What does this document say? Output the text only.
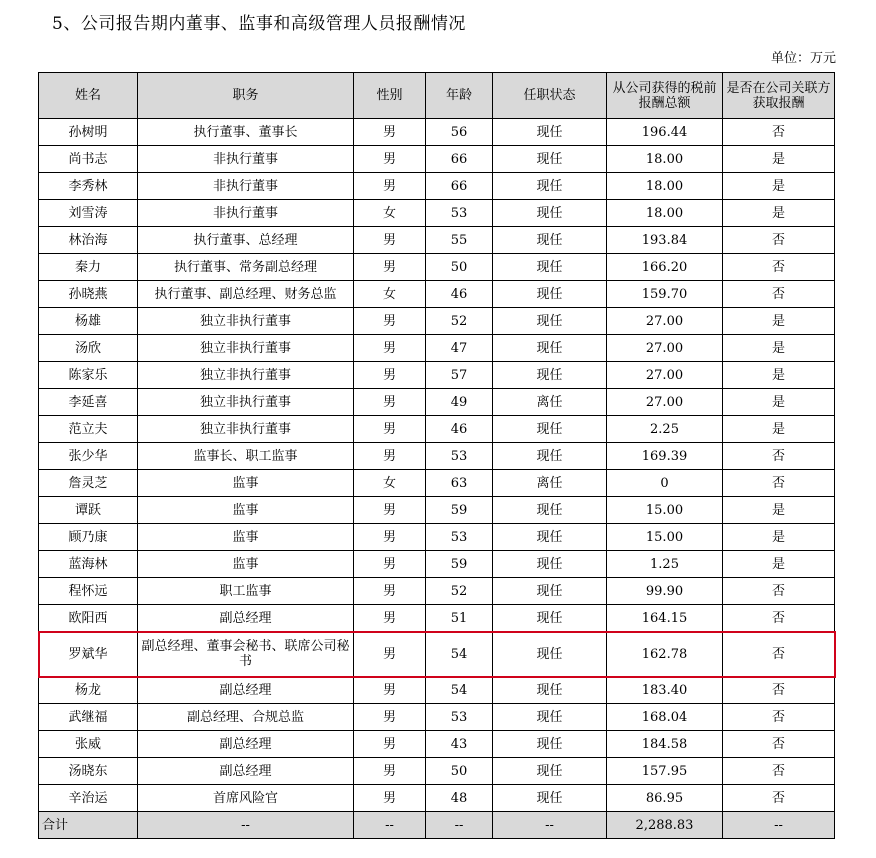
5、公司报告期内董事、监事和高级管理人员报酬情况
单位：万元
姓名	职务	性别	年龄	任职状态	从公司获得的税前报酬总额	是否在公司关联方获取报酬
孙树明	执行董事、董事长	男	56	现任	196.44	否
尚书志	非执行董事	男	66	现任	18.00	是
李秀林	非执行董事	男	66	现任	18.00	是
刘雪涛	非执行董事	女	53	现任	18.00	是
林治海	执行董事、总经理	男	55	现任	193.84	否
秦力	执行董事、常务副总经理	男	50	现任	166.20	否
孙晓燕	执行董事、副总经理、财务总监	女	46	现任	159.70	否
杨雄	独立非执行董事	男	52	现任	27.00	是
汤欣	独立非执行董事	男	47	现任	27.00	是
陈家乐	独立非执行董事	男	57	现任	27.00	是
李延喜	独立非执行董事	男	49	离任	27.00	是
范立夫	独立非执行董事	男	46	现任	2.25	是
张少华	监事长、职工监事	男	53	现任	169.39	否
詹灵芝	监事	女	63	离任	0	否
谭跃	监事	男	59	现任	15.00	是
顾乃康	监事	男	53	现任	15.00	是
蓝海林	监事	男	59	现任	1.25	是
程怀远	职工监事	男	52	现任	99.90	否
欧阳西	副总经理	男	51	现任	164.15	否
罗斌华	副总经理、董事会秘书、联席公司秘书	男	54	现任	162.78	否
杨龙	副总经理	男	54	现任	183.40	否
武继福	副总经理、合规总监	男	53	现任	168.04	否
张威	副总经理	男	43	现任	184.58	否
汤晓东	副总经理	男	50	现任	157.95	否
辛治运	首席风险官	男	48	现任	86.95	否
合计	--	--	--	--	2,288.83	--
